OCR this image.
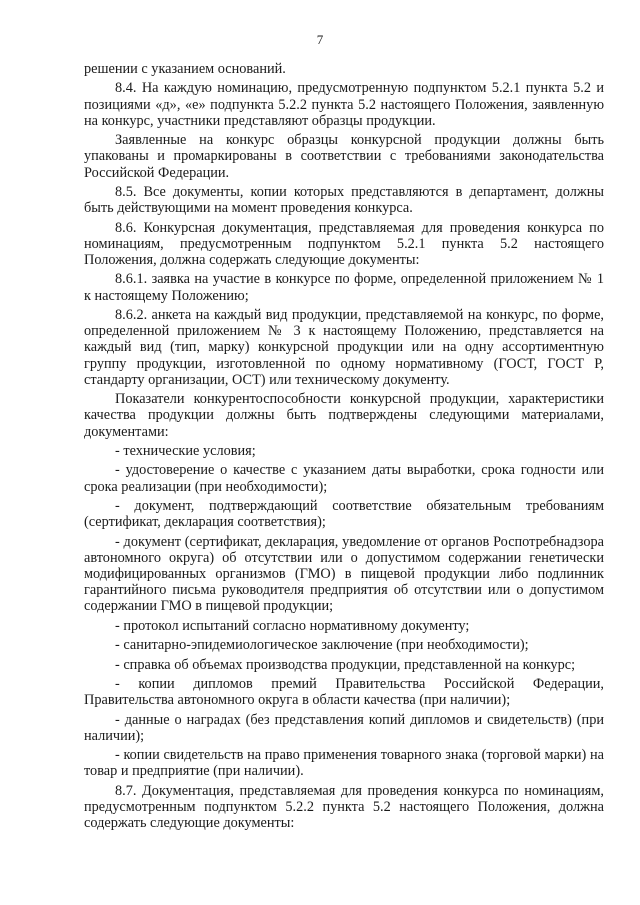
7

решении с указанием оснований.

8.4. На каждую номинацию, предусмотренную подпунктом 5.2.1 пункта 5.2 и позициями «д», «е» подпункта 5.2.2 пункта 5.2 настоящего Положения, заявленную на конкурс, участники представляют образцы продукции.

Заявленные на конкурс образцы конкурсной продукции должны быть упакованы и промаркированы в соответствии с требованиями законодательства Российской Федерации.

8.5. Все документы, копии которых представляются в департамент, должны быть действующими на момент проведения конкурса.

8.6. Конкурсная документация, представляемая для проведения конкурса по номинациям, предусмотренным подпунктом 5.2.1 пункта 5.2 настоящего Положения, должна содержать следующие документы:

8.6.1. заявка на участие в конкурсе по форме, определенной приложением № 1 к настоящему Положению;

8.6.2. анкета на каждый вид продукции, представляемой на конкурс, по форме, определенной приложением № 3 к настоящему Положению, представляется на каждый вид (тип, марку) конкурсной продукции или на одну ассортиментную группу продукции, изготовленной по одному нормативному (ГОСТ, ГОСТ Р, стандарту организации, ОСТ) или техническому документу.

Показатели конкурентоспособности конкурсной продукции, характеристики качества продукции должны быть подтверждены следующими материалами, документами:

- технические условия;

- удостоверение о качестве с указанием даты выработки, срока годности или срока реализации (при необходимости);

- документ, подтверждающий соответствие обязательным требованиям (сертификат, декларация соответствия);

- документ (сертификат, декларация, уведомление от органов Роспотребнадзора автономного округа) об отсутствии или о допустимом содержании генетически модифицированных организмов (ГМО) в пищевой продукции либо подлинник гарантийного письма руководителя предприятия об отсутствии или о допустимом содержании ГМО в пищевой продукции;

- протокол испытаний согласно нормативному документу;

- санитарно-эпидемиологическое заключение (при необходимости);

- справка об объемах производства продукции, представленной на конкурс;

- копии дипломов премий Правительства Российской Федерации, Правительства автономного округа в области качества (при наличии);

- данные о наградах (без представления копий дипломов и свидетельств) (при наличии);

- копии свидетельств на право применения товарного знака (торговой марки) на товар и предприятие (при наличии).

8.7. Документация, представляемая для проведения конкурса по номинациям, предусмотренным подпунктом 5.2.2 пункта 5.2 настоящего Положения, должна содержать следующие документы:
